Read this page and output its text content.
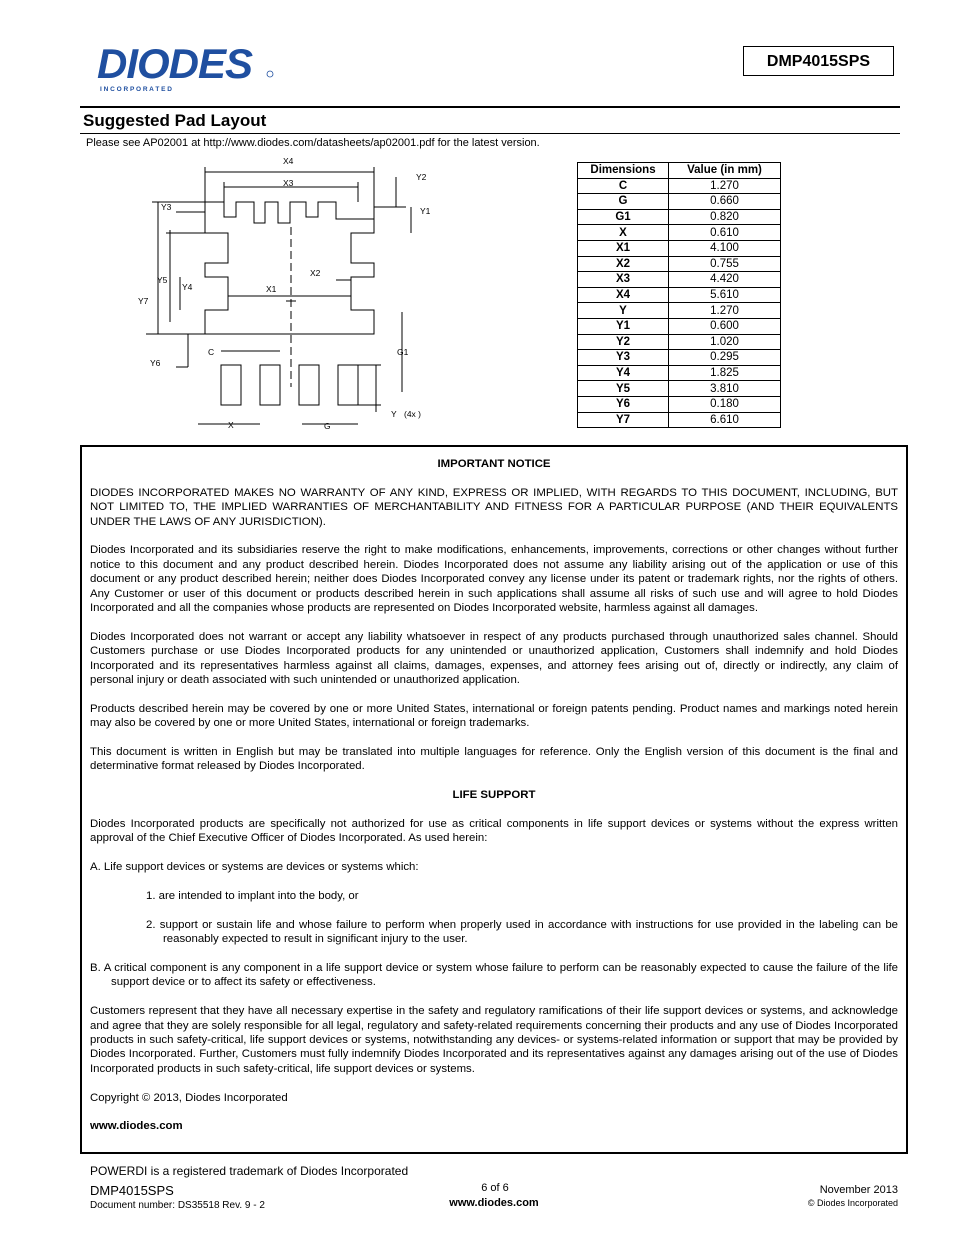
DIODES
I N C O R P O R A T E D
DMP4015SPS
Suggested Pad Layout
Please see AP02001 at http://www.diodes.com/datasheets/ap02001.pdf for the latest version.
X4
X3
X2
X1
X	G
C	G1
Y (4x )
Y1
Y2
Y3
Y4
Y5
Y6
Y7
Dimensions	Value (in mm)
C	1.270
G	0.660
G1	0.820
X	0.610
X1	4.100
X2	0.755
X3	4.420
X4	5.610
Y	1.270
Y1	0.600
Y2	1.020
Y3	0.295
Y4	1.825
Y5	3.810
Y6	0.180
Y7	6.610

IMPORTANT NOTICE

DIODES INCORPORATED MAKES NO WARRANTY OF ANY KIND, EXPRESS OR IMPLIED, WITH REGARDS TO THIS DOCUMENT, INCLUDING, BUT NOT LIMITED TO, THE IMPLIED WARRANTIES OF MERCHANTABILITY AND FITNESS FOR A PARTICULAR PURPOSE (AND THEIR EQUIVALENTS UNDER THE LAWS OF ANY JURISDICTION).

Diodes Incorporated and its subsidiaries reserve the right to make modifications, enhancements, improvements, corrections or other changes without further notice to this document and any product described herein. Diodes Incorporated does not assume any liability arising out of the application or use of this document or any product described herein; neither does Diodes Incorporated convey any license under its patent or trademark rights, nor the rights of others. Any Customer or user of this document or products described herein in such applications shall assume all risks of such use and will agree to hold Diodes Incorporated and all the companies whose products are represented on Diodes Incorporated website, harmless against all damages.

Diodes Incorporated does not warrant or accept any liability whatsoever in respect of any products purchased through unauthorized sales channel. Should Customers purchase or use Diodes Incorporated products for any unintended or unauthorized application, Customers shall indemnify and hold Diodes Incorporated and its representatives harmless against all claims, damages, expenses, and attorney fees arising out of, directly or indirectly, any claim of personal injury or death associated with such unintended or unauthorized application.

Products described herein may be covered by one or more United States, international or foreign patents pending. Product names and markings noted herein may also be covered by one or more United States, international or foreign trademarks.

This document is written in English but may be translated into multiple languages for reference. Only the English version of this document is the final and determinative format released by Diodes Incorporated.

LIFE SUPPORT

Diodes Incorporated products are specifically not authorized for use as critical components in life support devices or systems without the express written approval of the Chief Executive Officer of Diodes Incorporated. As used herein:

A. Life support devices or systems are devices or systems which:

1. are intended to implant into the body, or

2. support or sustain life and whose failure to perform when properly used in accordance with instructions for use provided in the labeling can be reasonably expected to result in significant injury to the user.

B. A critical component is any component in a life support device or system whose failure to perform can be reasonably expected to cause the failure of the life support device or to affect its safety or effectiveness.

Customers represent that they have all necessary expertise in the safety and regulatory ramifications of their life support devices or systems, and acknowledge and agree that they are solely responsible for all legal, regulatory and safety-related requirements concerning their products and any use of Diodes Incorporated products in such safety-critical, life support devices or systems, notwithstanding any devices- or systems-related information or support that may be provided by Diodes Incorporated. Further, Customers must fully indemnify Diodes Incorporated and its representatives against any damages arising out of the use of Diodes Incorporated products in such safety-critical, life support devices or systems.

Copyright © 2013, Diodes Incorporated

www.diodes.com

POWERDI is a registered trademark of Diodes Incorporated
DMP4015SPS
Document number: DS35518 Rev. 9 - 2
6 of 6
www.diodes.com
November 2013
© Diodes Incorporated
